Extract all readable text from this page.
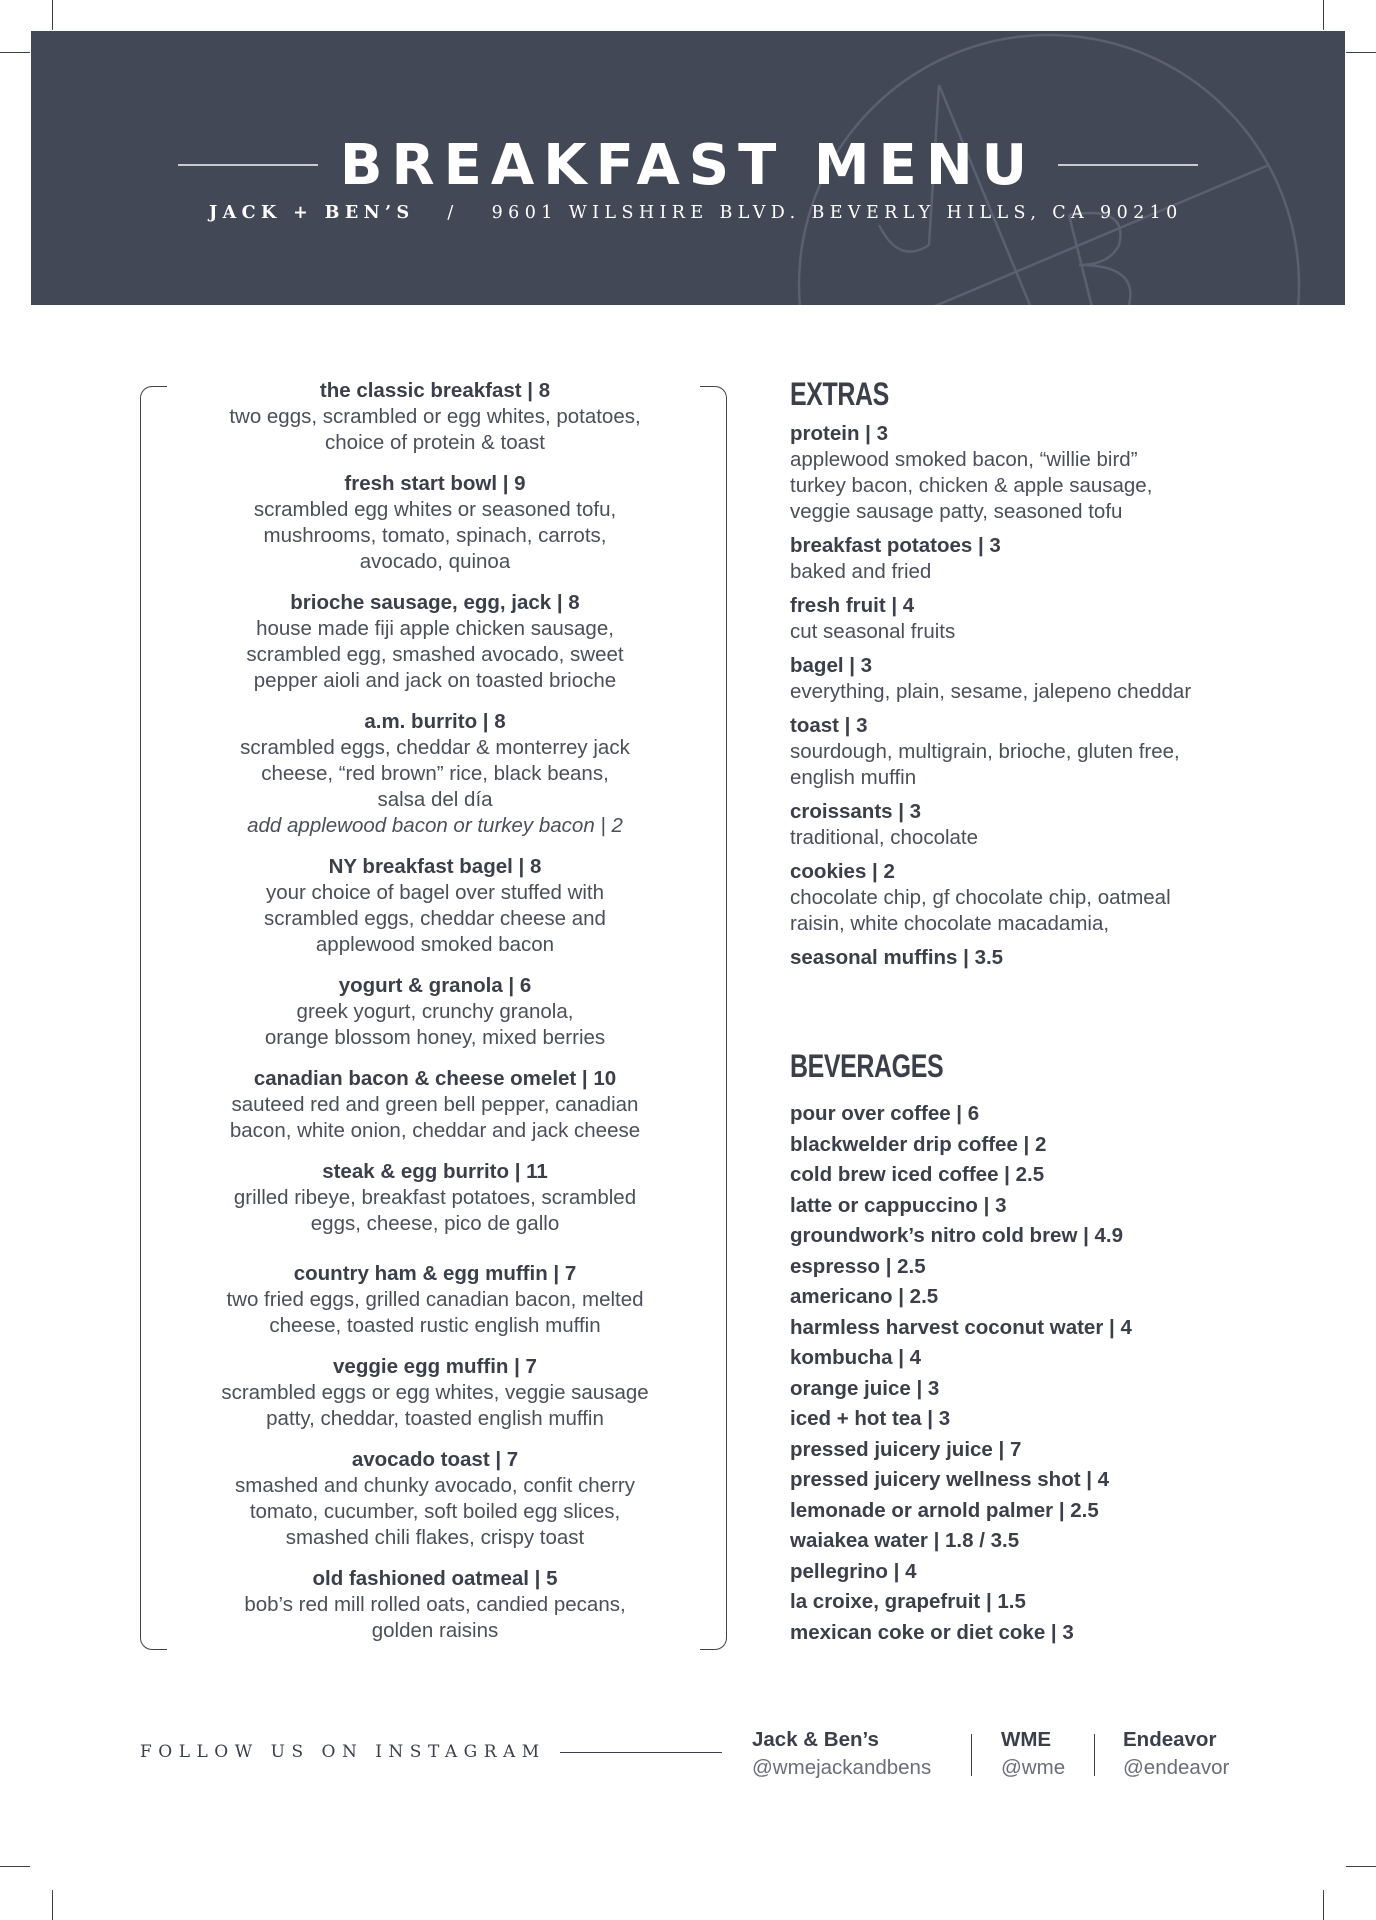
BREAKFAST MENU
JACK + BEN’S / 9601 WILSHIRE BLVD. BEVERLY HILLS, CA 90210
the classic breakfast | 8
two eggs, scrambled or egg whites, potatoes,
choice of protein & toast
fresh start bowl | 9
scrambled egg whites or seasoned tofu,
mushrooms, tomato, spinach, carrots,
avocado, quinoa
brioche sausage, egg, jack | 8
house made fiji apple chicken sausage,
scrambled egg, smashed avocado, sweet
pepper aioli and jack on toasted brioche
a.m. burrito | 8
scrambled eggs, cheddar & monterrey jack
cheese, “red brown” rice, black beans,
salsa del día
add applewood bacon or turkey bacon | 2
NY breakfast bagel | 8
your choice of bagel over stuffed with
scrambled eggs, cheddar cheese and
applewood smoked bacon
yogurt & granola | 6
greek yogurt, crunchy granola,
orange blossom honey, mixed berries
canadian bacon & cheese omelet | 10
sauteed red and green bell pepper, canadian
bacon, white onion, cheddar and jack cheese
steak & egg burrito | 11
grilled ribeye, breakfast potatoes, scrambled
eggs, cheese, pico de gallo
country ham & egg muffin | 7
two fried eggs, grilled canadian bacon, melted
cheese, toasted rustic english muffin
veggie egg muffin | 7
scrambled eggs or egg whites, veggie sausage
patty, cheddar, toasted english muffin
avocado toast | 7
smashed and chunky avocado, confit cherry
tomato, cucumber, soft boiled egg slices,
smashed chili flakes, crispy toast
old fashioned oatmeal | 5
bob’s red mill rolled oats, candied pecans,
golden raisins
EXTRAS
protein | 3
applewood smoked bacon, “willie bird”
turkey bacon, chicken & apple sausage,
veggie sausage patty, seasoned tofu
breakfast potatoes | 3
baked and fried
fresh fruit | 4
cut seasonal fruits
bagel | 3
everything, plain, sesame, jalepeno cheddar
toast | 3
sourdough, multigrain, brioche, gluten free,
english muffin
croissants | 3
traditional, chocolate
cookies | 2
chocolate chip, gf chocolate chip, oatmeal
raisin, white chocolate macadamia,
seasonal muffins | 3.5
BEVERAGES
pour over coffee | 6
blackwelder drip coffee | 2
cold brew iced coffee | 2.5
latte or cappuccino | 3
groundwork’s nitro cold brew | 4.9
espresso | 2.5
americano | 2.5
harmless harvest coconut water | 4
kombucha | 4
orange juice | 3
iced + hot tea | 3
pressed juicery juice | 7
pressed juicery wellness shot | 4
lemonade or arnold palmer | 2.5
waiakea water | 1.8 / 3.5
pellegrino | 4
la croixe, grapefruit | 1.5
mexican coke or diet coke | 3
FOLLOW US ON INSTAGRAM
Jack & Ben’s
@wmejackandbens
WME
@wme
Endeavor
@endeavor
